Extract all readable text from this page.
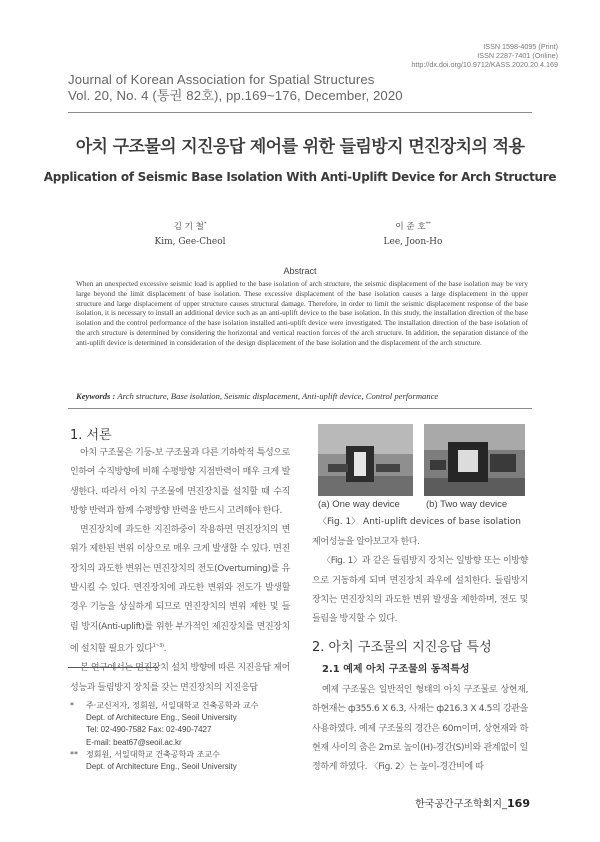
ISSN 1598-4095 (Print)
ISSN 2287-7401 (Online)
http://dx.doi.org/10.9712/KASS.2020.20.4.169
Journal of Korean Association for Spatial Structures
Vol. 20, No. 4 (통권 82호), pp.169~176, December, 2020
아치 구조물의 지진응답 제어를 위한 들림방지 면진장치의 적용
Application of Seismic Base Isolation With Anti-Uplift Device for Arch Structure
김 기 철*
Kim, Gee-Cheol
이 준 호**
Lee, Joon-Ho
Abstract
When an unexpected excessive seismic load is applied to the base isolation of arch structure, the seismic displacement of the base isolation may be very large beyond the limit displacement of base isolation. These excessive displacement of the base isolation causes a large displacement in the upper structure and large displacement of upper structure causes structural damage. Therefore, in order to limit the seismic displacement response of the base isolation, it is necessary to install an additional device such as an anti-uplift device to the base isolation. In this study, the installation direction of the base isolation and the control performance of the base isolation installed anti-uplift device were investigated. The installation direction of the base isolation of the arch structure is determined by considering the horizontal and vertical reaction forces of the arch structure. In addition, the separation distance of the anti-uplift device is determined in consideration of the design displacement of the base isolation and the displacement of the arch structure.
Keywords : Arch structure, Base isolation, Seismic displacement, Anti-uplift device, Control performance
1. 서론

아치 구조물은 기둥-보 구조물과 다른 기하학적 특성으로 인하여 수직방향에 비해 수평방향 지점반력이 매우 크게 발생한다. 따라서 아치 구조물에 면진장치를 설치할 때 수직방향 반력과 함께 수평방향 반력을 반드시 고려해야 한다.

면진장치에 과도한 지진하중이 작용하면 면진장치의 변위가 제한된 변위 이상으로 매우 크게 발생할 수 있다. 면진장치의 과도한 변위는 면진장치의 전도(Overturning)를 유발시킬 수 있다. 면진장치에 과도한 변위와 전도가 발생할 경우 기능을 상실하게 되므로 면진장치의 변위 제한 및 들림 방지(Anti-uplift)를 위한 부가적인 제진장치를 면진장치에 설치할 필요가 있다$^{1\sim 3)}$.

본 연구에서는 면진장치 설치 방향에 따른 지진응답 제어성능과 들림방지 장치를 갖는 면진장치의 지진응답

(a) One way device	(b) Two way device
〈Fig. 1〉 Anti-uplift devices of base isolation

제어성능을 알아보고자 한다.

〈Fig. 1〉과 같은 들림방지 장치는 일방향 또는 이방향으로 거동하게 되며 면진장치 좌우에 설치한다. 들림방지 장치는 면진장치의 과도한 변위 발생을 제한하며, 전도 및 들림을 방지할 수 있다.

2. 아치 구조물의 지진응답 특성
2.1 예제 아치 구조물의 동적특성

예제 구조물은 일반적인 형태의 아치 구조물로 상현재, 하현재는 ф355.6 X 6.3, 사재는 ф216.3 X 4.5의 강관을 사용하였다. 예제 구조물의 경간은 60m이며, 상현재와 하현재 사이의 춤은 2m로 높이(H)-경간(S)비와 관계없이 일정하게 하였다. 〈Fig. 2〉는 높이-경간비에 따

* 주·교신저자, 정회원, 서일대학교 건축공학과 교수
Dept. of Architecture Eng., Seoil University
Tel: 02-490-7582 Fax: 02-490-7427
E-mail: beat67@seoil.ac.kr
** 정회원, 서일대학교 건축공학과 조교수
Dept. of Architecture Eng., Seoil University
한국공간구조학회지_169
